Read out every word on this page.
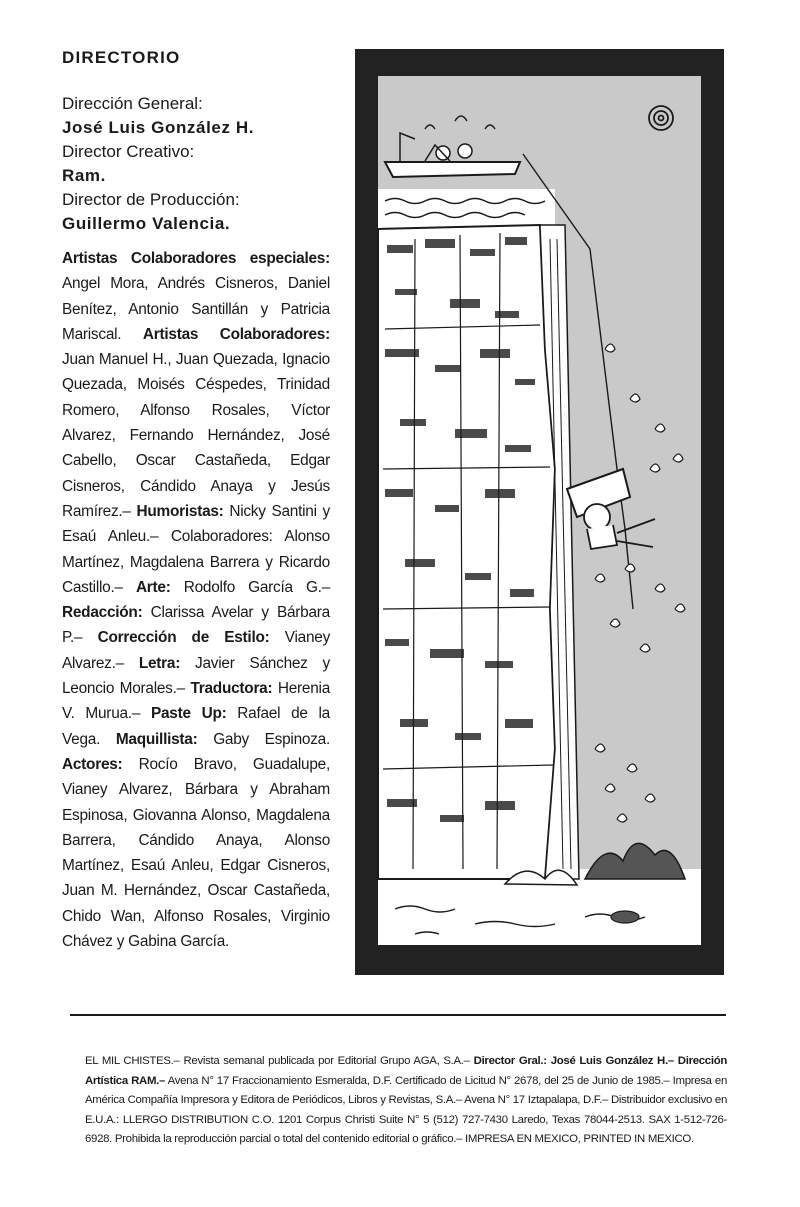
DIRECTORIO
Dirección General:
José Luis González H.
Director Creativo:
Ram.
Director de Producción:
Guillermo Valencia.
Artistas Colaboradores especiales: Angel Mora, Andrés Cisneros, Daniel Benítez, Antonio Santillán y Patricia Mariscal. Artistas Colaboradores: Juan Manuel H., Juan Quezada, Ignacio Quezada, Moisés Céspedes, Trinidad Romero, Alfonso Rosales, Víctor Alvarez, Fernando Hernández, José Cabello, Oscar Castañeda, Edgar Cisneros, Cándido Anaya y Jesús Ramírez.– Humoristas: Nicky Santini y Esaú Anleu.– Colaboradores: Alonso Martínez, Magdalena Barrera y Ricardo Castillo.– Arte: Rodolfo García G.– Redacción: Clarissa Avelar y Bárbara P.– Corrección de Estilo: Vianey Alvarez.– Letra: Javier Sánchez y Leoncio Morales.– Traductora: Herenia V. Murua.– Paste Up: Rafael de la Vega. Maquillista: Gaby Espinoza. Actores: Rocío Bravo, Guadalupe, Vianey Alvarez, Bárbara y Abraham Espinosa, Giovanna Alonso, Magdalena Barrera, Cándido Anaya, Alonso Martínez, Esaú Anleu, Edgar Cisneros, Juan M. Hernández, Oscar Castañeda, Chido Wan, Alfonso Rosales, Virginio Chávez y Gabina García.
EL MIL CHISTES.– Revista semanal publicada por Editorial Grupo AGA, S.A.– Director Gral.: José Luis González H.– Dirección Artística RAM.– Avena N° 17 Fraccionamiento Esmeralda, D.F. Certificado de Licitud N° 2678, del 25 de Junio de 1985.– Impresa en América Compañía Impresora y Editora de Periódicos, Libros y Revistas, S.A.– Avena N° 17 Iztapalapa, D.F.– Distribuidor exclusivo en E.U.A.: LLERGO DISTRIBUTION C.O. 1201 Corpus Christi Suite N° 5 (512) 727-7430 Laredo, Texas 78044-2513. SAX 1-512-726-6928. Prohibida la reproducción parcial o total del contenido editorial o gráfico.– IMPRESA EN MEXICO, PRINTED IN MEXICO.
